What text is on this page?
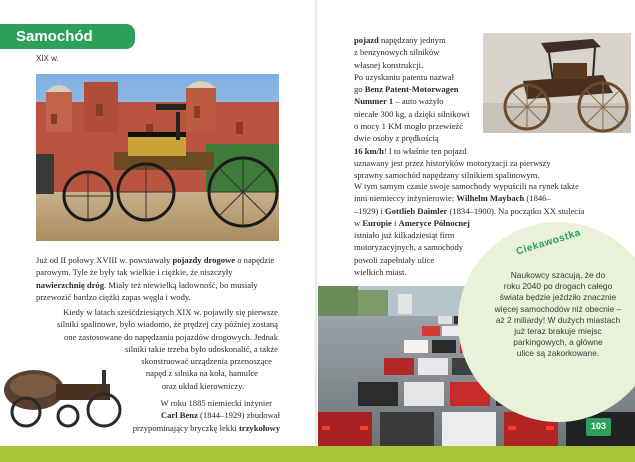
Samochód
XIX w.
Już od II połowy XVIII w. powstawały pojazdy drogowe o napędzie parowym. Tyle że były tak wielkie i ciężkie, że niszczyły nawierzchnię dróg. Miały też niewielką ładowność, bo musiały przewozić bardzo ciężki zapas węgla i wody.
Kiedy w latach sześćdziesiątych XIX w. pojawiły się pierwsze
silniki spalinowe, było wiadomo, że prędzej czy później zostaną
one zastosowane do napędzania pojazdów drogowych. Jednak
silniki takie trzeba było udoskonalić, a także
skonstruować urządzenia przenoszące
napęd z silnika na koła, hamulce
oraz układ kierowniczy.
W roku 1885 niemiecki inżynier
Carl Benz (1844–1929) zbudował
przypominający bryczkę lekki trzykołowy
pojazd napędzany jednym
z benzynowych silników
własnej konstrukcji.
Po uzyskaniu patentu nazwał
go Benz Patent-Motorwagen
Nummer 1 – auto ważyło
niecałe 300 kg, a dzięki silnikowi
o mocy 1 KM mogło przewieźć
dwie osoby z prędkością
16 km/h! I to właśnie ten pojazd
uznawany jest przez historyków motoryzacji za pierwszy
sprawny samochód napędzany silnikiem spalinowym.
W tym samym czasie swoje samochody wypuścili na rynek także
inni niemieccy inżynierowie: Wilhelm Maybach (1846–
–1929) i Gottlieb Daimler (1834–1900). Na początku XX stulecia
w Europie i Ameryce Północnej
istniało już kilkadziesiąt firm
motoryzacyjnych, a samochody
powoli zapełniały ulice
wielkich miast.
Ciekawostka
Naukowcy szacują, że do
roku 2040 po drogach całego
świata będzie jeździło znacznie
więcej samochodów niż obecnie –
aż 2 miliardy! W dużych miastach
już teraz brakuje miejsc
parkingowych, a główne
ulice są zakorkowane.
103
